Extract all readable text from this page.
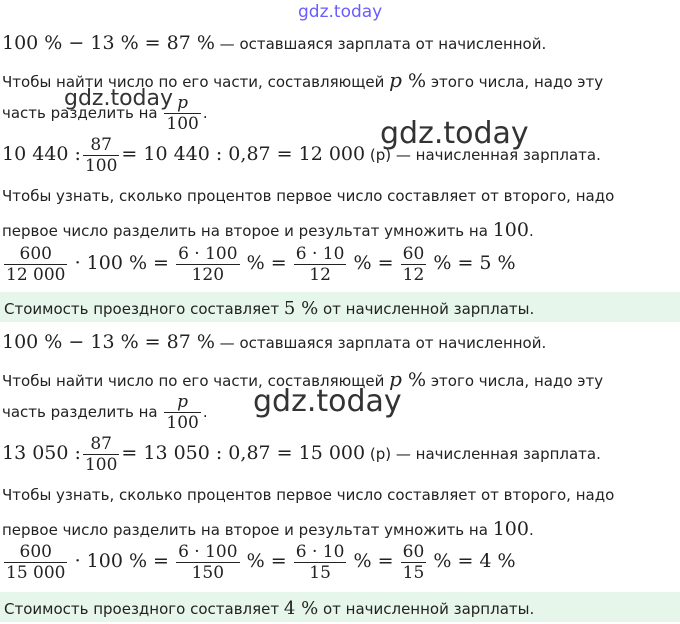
gdz.today
100 % − 13 % = 87 % — оставшаяся зарплата от начисленной.
Чтобы найти число по его части, составляющей p % этого числа, надо эту
часть разделить на $\frac{p}{100}$ .
gdz.today
10 440 : $\frac{87}{100} = 10$ 440 : 0,87 = 12 000 (р) — начисленная зарплата.
gdz.today
Чтобы узнать, сколько процентов первое число составляет от второго, надо
первое число разделить на второе и результат умножить на 100.
$\frac{600}{12 000} \cdot 100$ % = $\frac{6 \cdot 100}{120}$ % = $\frac{6 \cdot 10}{12}$ % = $\frac{60}{12}$ % = 5 %
Стоимость проездного составляет 5 % от начисленной зарплаты.
100 % − 13 % = 87 % — оставшаяся зарплата от начисленной.
Чтобы найти число по его части, составляющей p % этого числа, надо эту
часть разделить на $\frac{p}{100}$ . gdz.today
13 050 : $\frac{87}{100} = 13$ 050 : 0,87 = 15 000 (р) — начисленная зарплата.
Чтобы узнать, сколько процентов первое число составляет от второго, надо
первое число разделить на второе и результат умножить на 100.
$\frac{600}{15 000} \cdot 100$ % = $\frac{6 \cdot 100}{150}$ % = $\frac{6 \cdot 10}{15}$ % = $\frac{60}{15}$ % = 4 %
Стоимость проездного составляет 4 % от начисленной зарплаты.
